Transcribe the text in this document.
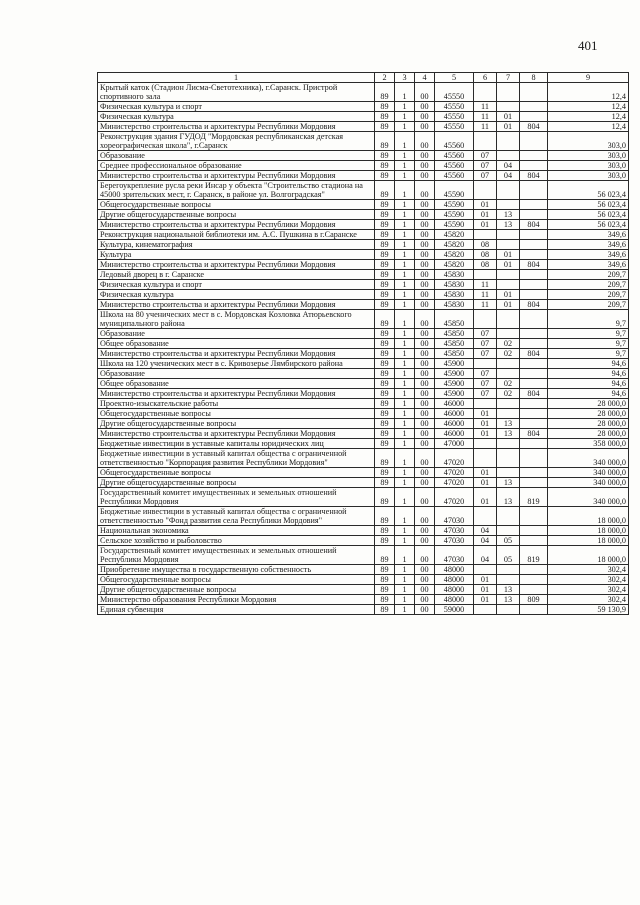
401
1	2	3	4	5	6	7	8	9
Крытый каток (Стадион Лисма-Светотехника), г.Саранск. Пристрой спортивного зала	89	1	00	45550				12,4
Физическая культура и спорт	89	1	00	45550	11			12,4
Физическая культура	89	1	00	45550	11	01		12,4
Министерство строительства и архитектуры Республики Мордовия	89	1	00	45550	11	01	804	12,4
Реконструкция здания ГУДОД "Мордовская республиканская детская хореографическая школа", г.Саранск	89	1	00	45560				303,0
Образование	89	1	00	45560	07			303,0
Среднее профессиональное образование	89	1	00	45560	07	04		303,0
Министерство строительства и архитектуры Республики Мордовия	89	1	00	45560	07	04	804	303,0
Берегоукрепление русла реки Инсар у объекта "Строительство стадиона на 45000 зрительских мест, г. Саранск, в районе ул. Волгоградская"	89	1	00	45590				56 023,4
Общегосударственные вопросы	89	1	00	45590	01			56 023,4
Другие общегосударственные вопросы	89	1	00	45590	01	13		56 023,4
Министерство строительства и архитектуры Республики Мордовия	89	1	00	45590	01	13	804	56 023,4
Реконструкция национальной библиотеки им. А.С. Пушкина в г.Саранске	89	1	00	45820				349,6
Культура, кинематография	89	1	00	45820	08			349,6
Культура	89	1	00	45820	08	01		349,6
Министерство строительства и архитектуры Республики Мордовия	89	1	00	45820	08	01	804	349,6
Ледовый дворец в г. Саранске	89	1	00	45830				209,7
Физическая культура и спорт	89	1	00	45830	11			209,7
Физическая культура	89	1	00	45830	11	01		209,7
Министерство строительства и архитектуры Республики Мордовия	89	1	00	45830	11	01	804	209,7
Школа на 80 ученических мест в с. Мордовская Козловка Атюрьевского муниципального района	89	1	00	45850				9,7
Образование	89	1	00	45850	07			9,7
Общее образование	89	1	00	45850	07	02		9,7
Министерство строительства и архитектуры Республики Мордовия	89	1	00	45850	07	02	804	9,7
Школа на 120 ученических мест в с. Кривозерье Лямбирского района	89	1	00	45900				94,6
Образование	89	1	00	45900	07			94,6
Общее образование	89	1	00	45900	07	02		94,6
Министерство строительства и архитектуры Республики Мордовия	89	1	00	45900	07	02	804	94,6
Проектно-изыскательские работы	89	1	00	46000				28 000,0
Общегосударственные вопросы	89	1	00	46000	01			28 000,0
Другие общегосударственные вопросы	89	1	00	46000	01	13		28 000,0
Министерство строительства и архитектуры Республики Мордовия	89	1	00	46000	01	13	804	28 000,0
Бюджетные инвестиции в уставные капиталы юридических лиц	89	1	00	47000				358 000,0
Бюджетные инвестиции в уставный капитал общества с ограниченной ответственностью "Корпорация развития Республики Мордовия"	89	1	00	47020				340 000,0
Общегосударственные вопросы	89	1	00	47020	01			340 000,0
Другие общегосударственные вопросы	89	1	00	47020	01	13		340 000,0
Государственный комитет имущественных и земельных отношений Республики Мордовия	89	1	00	47020	01	13	819	340 000,0
Бюджетные инвестиции в уставный капитал общества с ограниченной ответственностью "Фонд развития села Республики Мордовия"	89	1	00	47030				18 000,0
Национальная экономика	89	1	00	47030	04			18 000,0
Сельское хозяйство и рыболовство	89	1	00	47030	04	05		18 000,0
Государственный комитет имущественных и земельных отношений Республики Мордовия	89	1	00	47030	04	05	819	18 000,0
Приобретение имущества в государственную собственность	89	1	00	48000				302,4
Общегосударственные вопросы	89	1	00	48000	01			302,4
Другие общегосударственные вопросы	89	1	00	48000	01	13		302,4
Министерство образования Республики Мордовия	89	1	00	48000	01	13	809	302,4
Единая субвенция	89	1	00	59000				59 130,9
